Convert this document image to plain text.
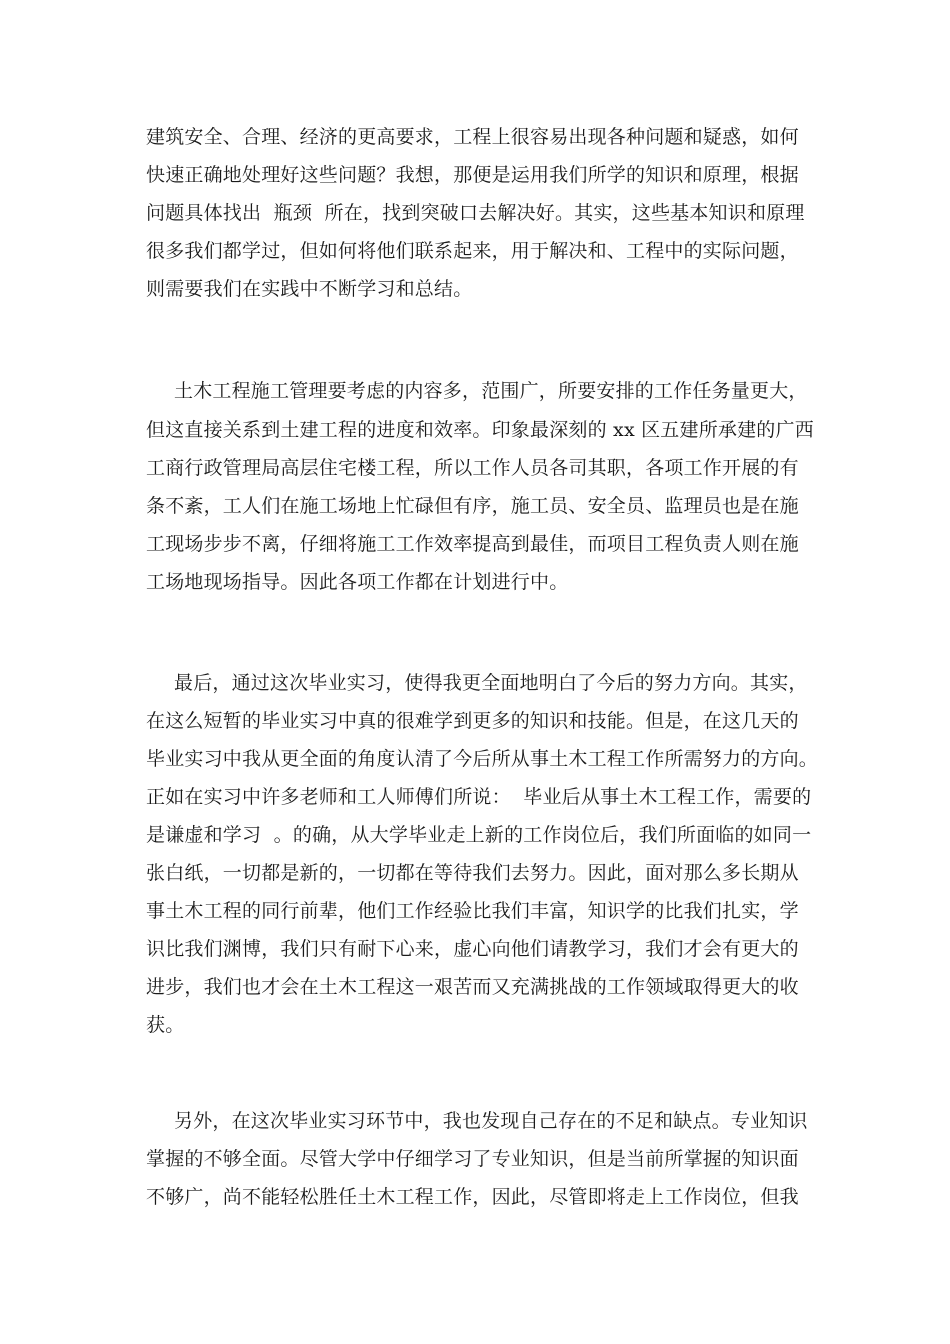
建筑安全、合理、经济的更高要求，工程上很容易出现各种问题和疑惑，如何
快速正确地处理好这些问题？我想，那便是运用我们所学的知识和原理，根据
问题具体找出  瓶颈  所在，找到突破口去解决好。其实，这些基本知识和原理
很多我们都学过，但如何将他们联系起来，用于解决和、工程中的实际问题，
则需要我们在实践中不断学习和总结。
土木工程施工管理要考虑的内容多，范围广，所要安排的工作任务量更大，
但这直接关系到土建工程的进度和效率。印象最深刻的 xx 区五建所承建的广西
工商行政管理局高层住宅楼工程，所以工作人员各司其职，各项工作开展的有
条不紊，工人们在施工场地上忙碌但有序，施工员、安全员、监理员也是在施
工现场步步不离，仔细将施工工作效率提高到最佳，而项目工程负责人则在施
工场地现场指导。因此各项工作都在计划进行中。
最后，通过这次毕业实习，使得我更全面地明白了今后的努力方向。其实，
在这么短暂的毕业实习中真的很难学到更多的知识和技能。但是，在这几天的
毕业实习中我从更全面的角度认清了今后所从事土木工程工作所需努力的方向。
正如在实习中许多老师和工人师傅们所说：  毕业后从事土木工程工作，需要的
是谦虚和学习  。的确，从大学毕业走上新的工作岗位后，我们所面临的如同一
张白纸，一切都是新的，一切都在等待我们去努力。因此，面对那么多长期从
事土木工程的同行前辈，他们工作经验比我们丰富，知识学的比我们扎实，学
识比我们渊博，我们只有耐下心来，虚心向他们请教学习，我们才会有更大的
进步，我们也才会在土木工程这一艰苦而又充满挑战的工作领域取得更大的收
获。
另外，在这次毕业实习环节中，我也发现自己存在的不足和缺点。专业知识
掌握的不够全面。尽管大学中仔细学习了专业知识，但是当前所掌握的知识面
不够广，尚不能轻松胜任土木工程工作，因此，尽管即将走上工作岗位，但我
